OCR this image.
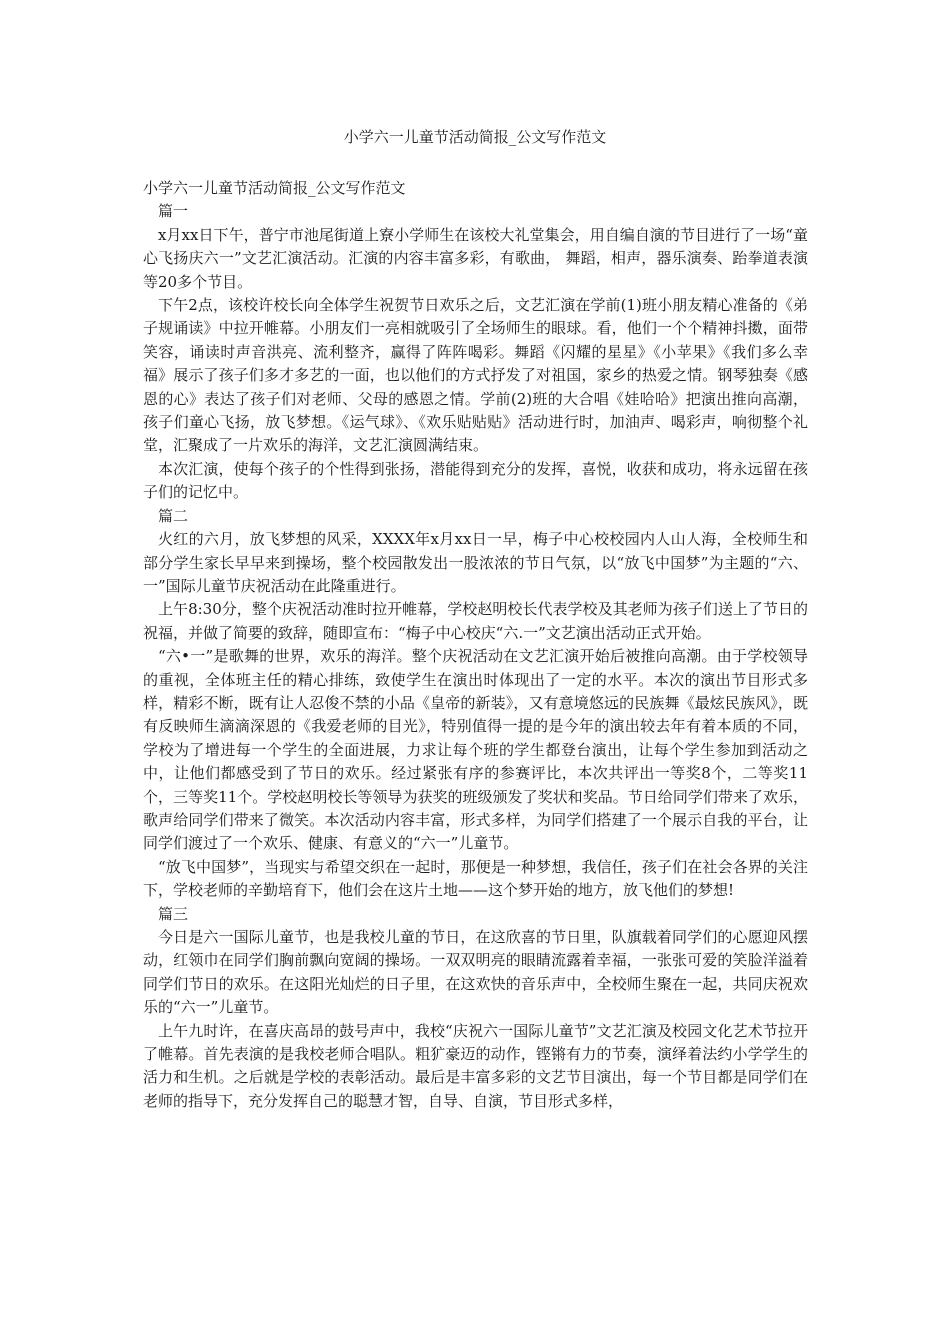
小学六一儿童节活动简报_公文写作范文

小学六一儿童节活动简报_公文写作范文

篇一

x月xx日下午，普宁市池尾街道上寮小学师生在该校大礼堂集会，用自编自演的节目进行了一场“童心飞扬庆六一”文艺汇演活动。汇演的内容丰富多彩，有歌曲， 舞蹈，相声，器乐演奏、跆拳道表演等20多个节目。

下午2点，该校许校长向全体学生祝贺节日欢乐之后，文艺汇演在学前(1)班小朋友精心准备的《弟子规诵读》中拉开帷幕。小朋友们一亮相就吸引了全场师生的眼球。看，他们一个个精神抖擞，面带笑容，诵读时声音洪亮、流利整齐，赢得了阵阵喝彩。舞蹈《闪耀的星星》《小苹果》《我们多么幸福》展示了孩子们多才多艺的一面，也以他们的方式抒发了对祖国，家乡的热爱之情。钢琴独奏《感恩的心》表达了孩子们对老师、父母的感恩之情。学前(2)班的大合唱《娃哈哈》把演出推向高潮，孩子们童心飞扬，放飞梦想。《运气球》、《欢乐贴贴贴》活动进行时，加油声、喝彩声，响彻整个礼堂，汇聚成了一片欢乐的海洋，文艺汇演圆满结束。

本次汇演，使每个孩子的个性得到张扬，潜能得到充分的发挥，喜悦，收获和成功，将永远留在孩子们的记忆中。

篇二

火红的六月，放飞梦想的风采，XXXX年x月xx日一早，梅子中心校校园内人山人海，全校师生和部分学生家长早早来到操场，整个校园散发出一股浓浓的节日气氛，以“放飞中国梦”为主题的“六、一”国际儿童节庆祝活动在此隆重进行。

上午8:30分，整个庆祝活动准时拉开帷幕，学校赵明校长代表学校及其老师为孩子们送上了节日的祝福，并做了简要的致辞，随即宣布：“梅子中心校庆“六.一”文艺演出活动正式开始。

“六•一”是歌舞的世界，欢乐的海洋。整个庆祝活动在文艺汇演开始后被推向高潮。由于学校领导的重视，全体班主任的精心排练，致使学生在演出时体现出了一定的水平。本次的演出节目形式多样，精彩不断，既有让人忍俊不禁的小品《皇帝的新装》，又有意境悠远的民族舞《最炫民族风》，既有反映师生滴滴深恩的《我爱老师的目光》，特别值得一提的是今年的演出较去年有着本质的不同，学校为了增进每一个学生的全面进展，力求让每个班的学生都登台演出，让每个学生参加到活动之中，让他们都感受到了节日的欢乐。经过紧张有序的参赛评比，本次共评出一等奖8个，二等奖11个，三等奖11个。学校赵明校长等领导为获奖的班级颁发了奖状和奖品。节日给同学们带来了欢乐，歌声给同学们带来了微笑。本次活动内容丰富，形式多样，为同学们搭建了一个展示自我的平台，让同学们渡过了一个欢乐、健康、有意义的“六一”儿童节。

“放飞中国梦”，当现实与希望交织在一起时，那便是一种梦想，我信任，孩子们在社会各界的关注下，学校老师的辛勤培育下，他们会在这片土地——这个梦开始的地方，放飞他们的梦想!

篇三

今日是六一国际儿童节，也是我校儿童的节日，在这欣喜的节日里，队旗载着同学们的心愿迎风摆动，红领巾在同学们胸前飘向宽阔的操场。一双双明亮的眼睛流露着幸福，一张张可爱的笑脸洋溢着同学们节日的欢乐。在这阳光灿烂的日子里，在这欢快的音乐声中，全校师生聚在一起，共同庆祝欢乐的“六一”儿童节。

上午九时许，在喜庆高昂的鼓号声中，我校“庆祝六一国际儿童节”文艺汇演及校园文化艺术节拉开了帷幕。首先表演的是我校老师合唱队。粗犷豪迈的动作，铿锵有力的节奏，演绎着法约小学学生的活力和生机。之后就是学校的表彰活动。最后是丰富多彩的文艺节目演出，每一个节目都是同学们在老师的指导下，充分发挥自己的聪慧才智，自导、自演，节目形式多样，
